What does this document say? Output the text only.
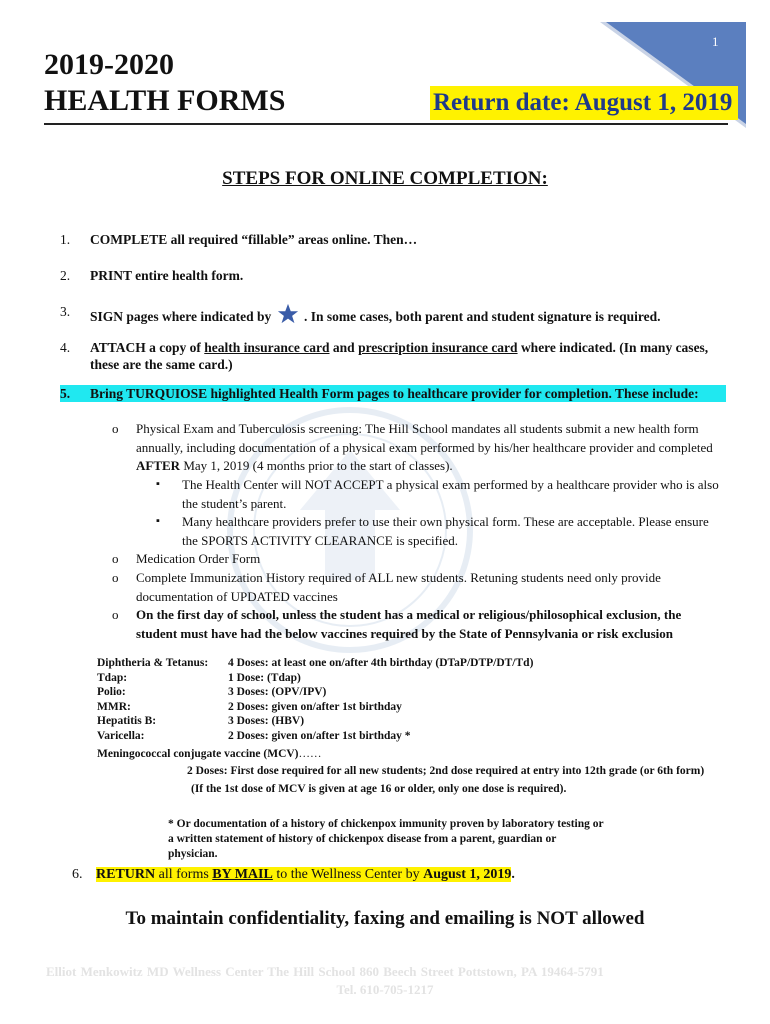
1
2019-2020
HEALTH FORMS	Return date: August 1, 2019
STEPS FOR ONLINE COMPLETION:
1. COMPLETE all required “fillable” areas online. Then…
2. PRINT entire health form.
3. SIGN pages where indicated by  . In some cases, both parent and student signature is required.
4. ATTACH a copy of health insurance card and prescription insurance card where indicated. (In many cases, these are the same card.)
5. Bring TURQUIOSE highlighted Health Form pages to healthcare provider for completion. These include:
o Physical Exam and Tuberculosis screening: The Hill School mandates all students submit a new health form annually, including documentation of a physical exam performed by his/her healthcare provider and completed AFTER May 1, 2019 (4 months prior to the start of classes).
▪ The Health Center will NOT ACCEPT a physical exam performed by a healthcare provider who is also the student’s parent.
▪ Many healthcare providers prefer to use their own physical form. These are acceptable. Please ensure the SPORTS ACTIVITY CLEARANCE is specified.
o Medication Order Form
o Complete Immunization History required of ALL new students. Retuning students need only provide documentation of UPDATED vaccines
o On the first day of school, unless the student has a medical or religious/philosophical exclusion, the student must have had the below vaccines required by the State of Pennsylvania or risk exclusion
Diphtheria & Tetanus: 4 Doses: at least one on/after 4th birthday (DTaP/DTP/DT/Td)
Tdap:	1 Dose: (Tdap)
Polio:	3 Doses: (OPV/IPV)
MMR:	2 Doses: given on/after 1st birthday
Hepatitis B:	3 Doses: (HBV)
Varicella:	2 Doses: given on/after 1st birthday *
Meningococcal conjugate vaccine (MCV)……
2 Doses: First dose required for all new students; 2nd dose required at entry into 12th grade (or 6th form)
(If the 1st dose of MCV is given at age 16 or older, only one dose is required).
* Or documentation of a history of chickenpox immunity proven by laboratory testing or a written statement of history of chickenpox disease from a parent, guardian or physician.
6. RETURN all forms BY MAIL to the Wellness Center by August 1, 2019.
To maintain confidentiality, faxing and emailing is NOT allowed
Elliot Menkowitz MD Wellness Center The Hill School 860 Beech Street Pottstown, PA 19464-5791
Tel. 610-705-1217
